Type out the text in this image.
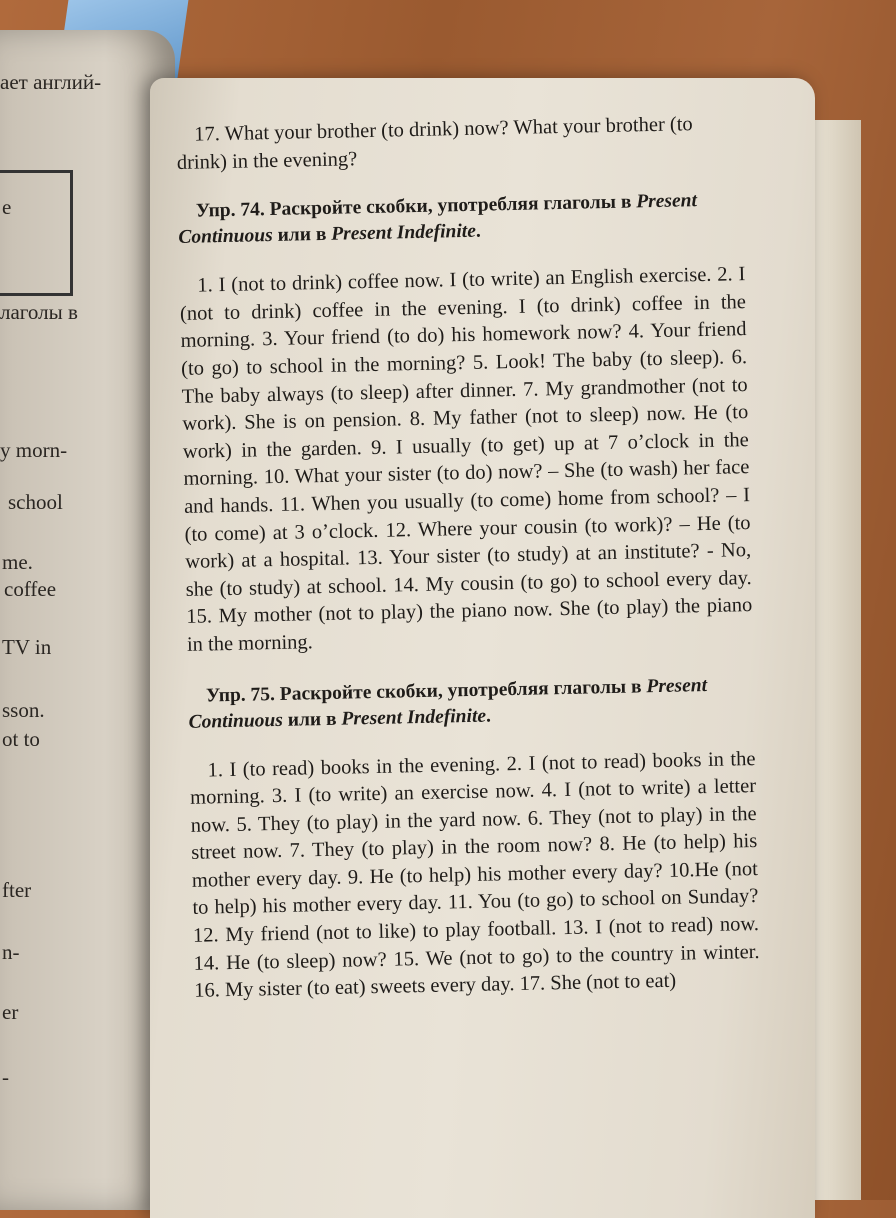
ает англий-
e
лаголы в
y morn-
school
me.
coffee
TV in
sson.
ot to
fter
n-
er
-

17. What your brother (to drink) now? What your brother (to drink) in the evening?

Упр. 74. Раскройте скобки, употребляя глаголы в Present Continuous или в Present Indefinite.

1. I (not to drink) coffee now. I (to write) an English exercise. 2. I (not to drink) coffee in the evening. I (to drink) coffee in the morning. 3. Your friend (to do) his homework now? 4. Your friend (to go) to school in the morning? 5. Look! The baby (to sleep). 6. The baby always (to sleep) after dinner. 7. My grandmother (not to work). She is on pension. 8. My father (not to sleep) now. He (to work) in the garden. 9. I usually (to get) up at 7 o’clock in the morning. 10. What your sister (to do) now? – She (to wash) her face and hands. 11. When you usually (to come) home from school? – I (to come) at 3 o’clock. 12. Where your cousin (to work)? – He (to work) at a hospital. 13. Your sister (to study) at an institute? - No, she (to study) at school. 14. My cousin (to go) to school every day. 15. My mother (not to play) the piano now. She (to play) the piano in the morning.

Упр. 75. Раскройте скобки, употребляя глаголы в Present Continuous или в Present Indefinite.

1. I (to read) books in the evening. 2. I (not to read) books in the morning. 3. I (to write) an exercise now. 4. I (not to write) a letter now. 5. They (to play) in the yard now. 6. They (not to play) in the street now. 7. They (to play) in the room now? 8. He (to help) his mother every day. 9. He (to help) his mother every day? 10.He (not to help) his mother every day. 11. You (to go) to school on Sunday? 12. My friend (not to like) to play football. 13. I (not to read) now. 14. He (to sleep) now? 15. We (not to go) to the country in winter. 16. My sister (to eat) sweets every day. 17. She (not to eat)
